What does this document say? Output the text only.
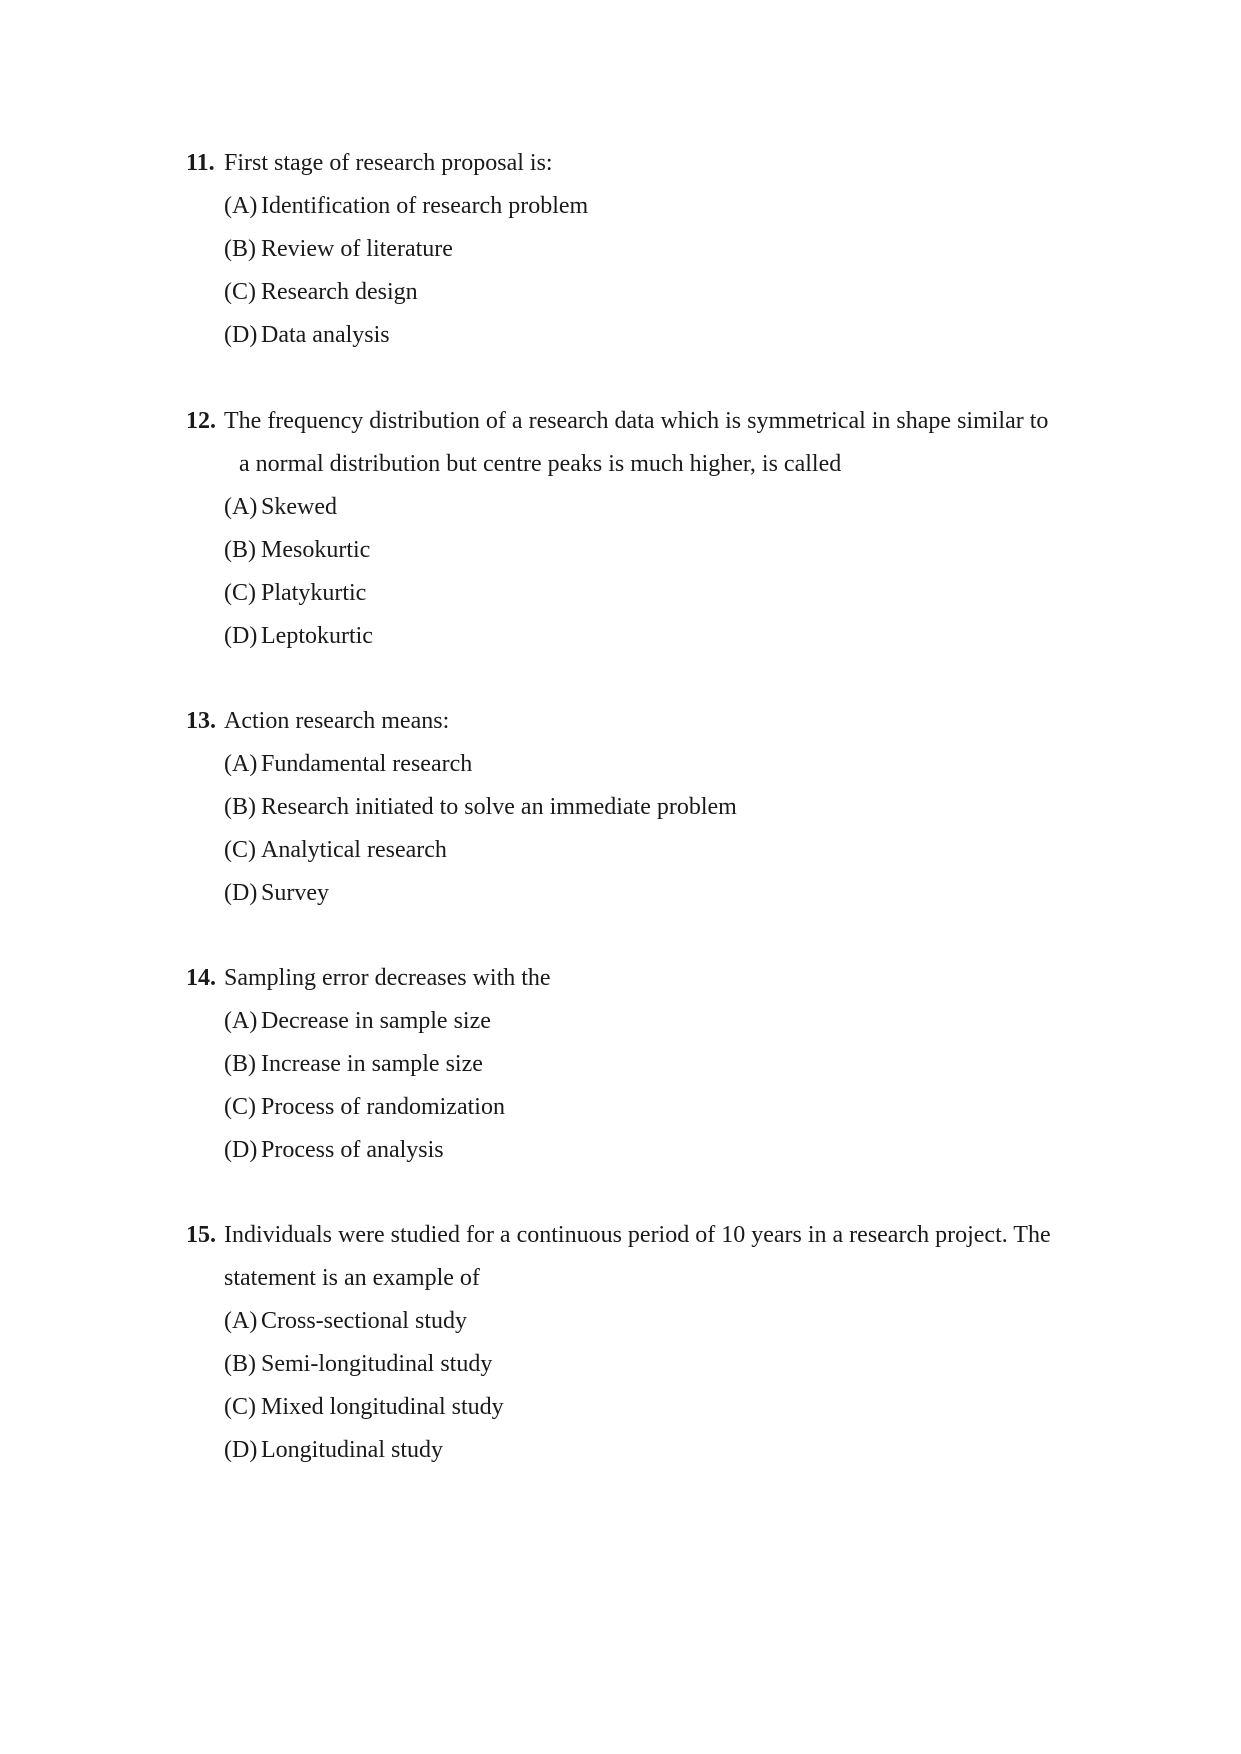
11. First stage of research proposal is:
(A) Identification of research problem
(B) Review of literature
(C) Research design
(D) Data analysis
12. The frequency distribution of a research data which is symmetrical in shape similar to
a normal distribution but centre peaks is much higher, is called
(A) Skewed
(B) Mesokurtic
(C) Platykurtic
(D) Leptokurtic
13. Action research means:
(A) Fundamental research
(B) Research initiated to solve an immediate problem
(C) Analytical research
(D) Survey
14. Sampling error decreases with the
(A) Decrease in sample size
(B) Increase in sample size
(C) Process of randomization
(D) Process of analysis
15. Individuals were studied for a continuous period of 10 years in a research project. The
statement is an example of
(A) Cross-sectional study
(B) Semi-longitudinal study
(C) Mixed longitudinal study
(D) Longitudinal study
